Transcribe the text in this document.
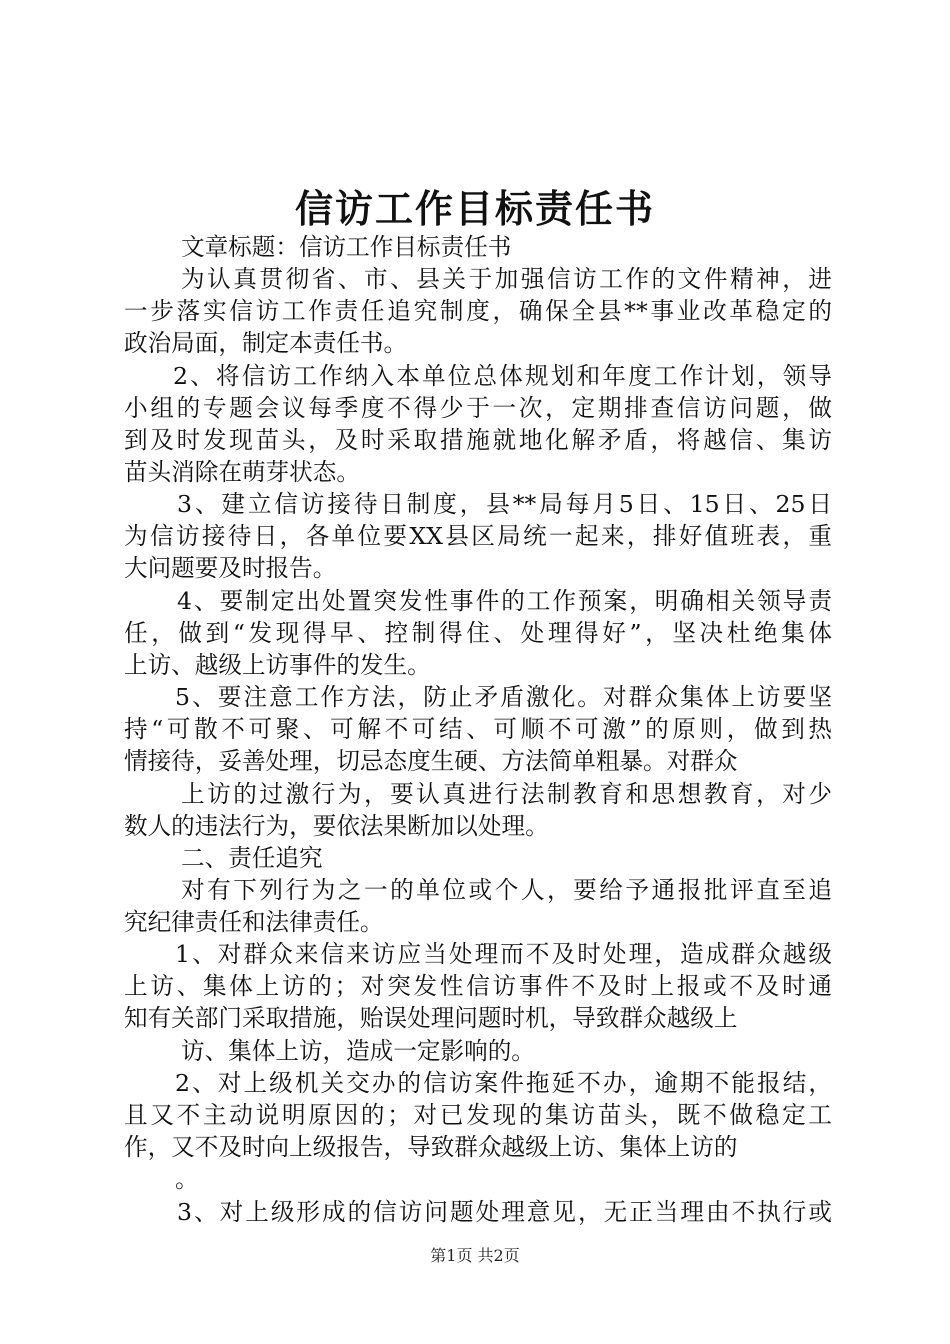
信访工作目标责任书
文章标题：信访工作目标责任书
为认真贯彻省、市、县关于加强信访工作的文件精神，进
一步落实信访工作责任追究制度，确保全县**事业改革稳定的
政治局面，制定本责任书。
2、将信访工作纳入本单位总体规划和年度工作计划，领导
小组的专题会议每季度不得少于一次，定期排查信访问题，做
到及时发现苗头，及时采取措施就地化解矛盾，将越信、集访
苗头消除在萌芽状态。
3、建立信访接待日制度，县**局每月5日、15日、25日
为信访接待日，各单位要XX县区局统一起来，排好值班表，重
大问题要及时报告。
4、要制定出处置突发性事件的工作预案，明确相关领导责
任，做到“发现得早、控制得住、处理得好”，坚决杜绝集体
上访、越级上访事件的发生。
5、要注意工作方法，防止矛盾激化。对群众集体上访要坚
持“可散不可聚、可解不可结、可顺不可激”的原则，做到热
情接待，妥善处理，切忌态度生硬、方法简单粗暴。对群众
上访的过激行为，要认真进行法制教育和思想教育，对少
数人的违法行为，要依法果断加以处理。
二、责任追究
对有下列行为之一的单位或个人，要给予通报批评直至追
究纪律责任和法律责任。
1、对群众来信来访应当处理而不及时处理，造成群众越级
上访、集体上访的；对突发性信访事件不及时上报或不及时通
知有关部门采取措施，贻误处理问题时机，导致群众越级上
访、集体上访，造成一定影响的。
2、对上级机关交办的信访案件拖延不办，逾期不能报结，
且又不主动说明原因的；对已发现的集访苗头，既不做稳定工
作，又不及时向上级报告，导致群众越级上访、集体上访的
。
3、对上级形成的信访问题处理意见，无正当理由不执行或
第1页 共2页
